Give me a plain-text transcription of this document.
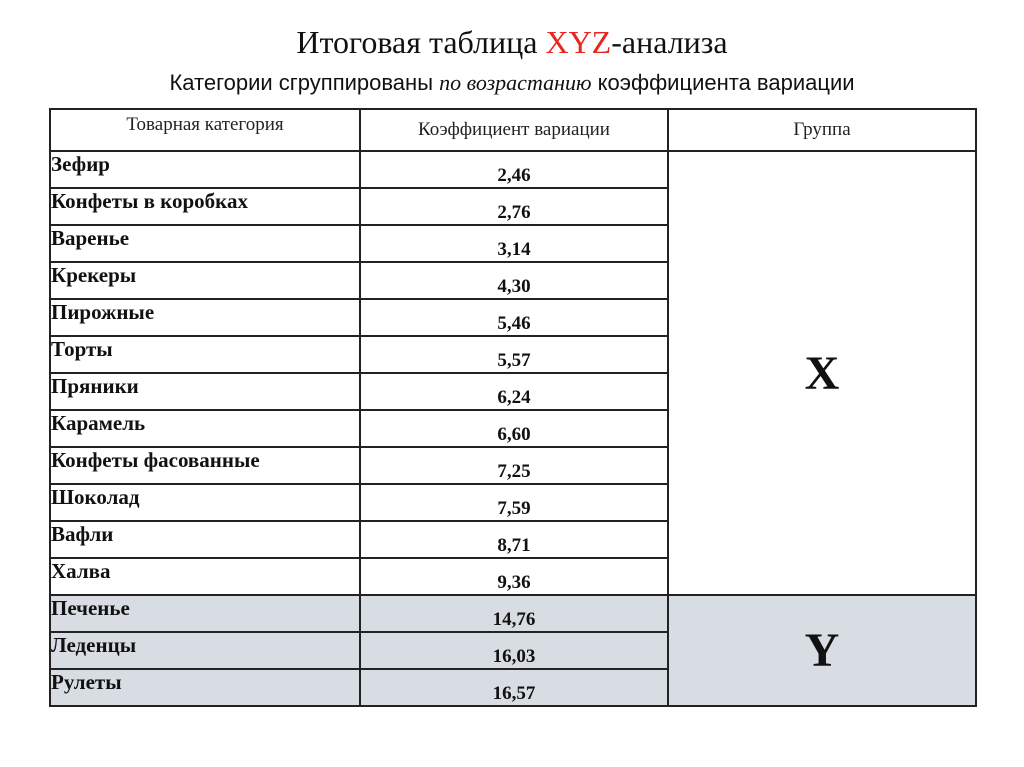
Итоговая таблица XYZ-анализа
Категории сгруппированы по возрастанию коэффициента вариации
Товарная категория	Коэффициент вариации	Группа
Зефир	2,46	X
Конфеты в коробках	2,76	
Варенье	3,14	
Крекеры	4,30	
Пирожные	5,46	
Торты	5,57	
Пряники	6,24	
Карамель	6,60	
Конфеты фасованные	7,25	
Шоколад	7,59	
Вафли	8,71	
Халва	9,36	
Печенье	14,76	Y
Леденцы	16,03	
Рулеты	16,57	
